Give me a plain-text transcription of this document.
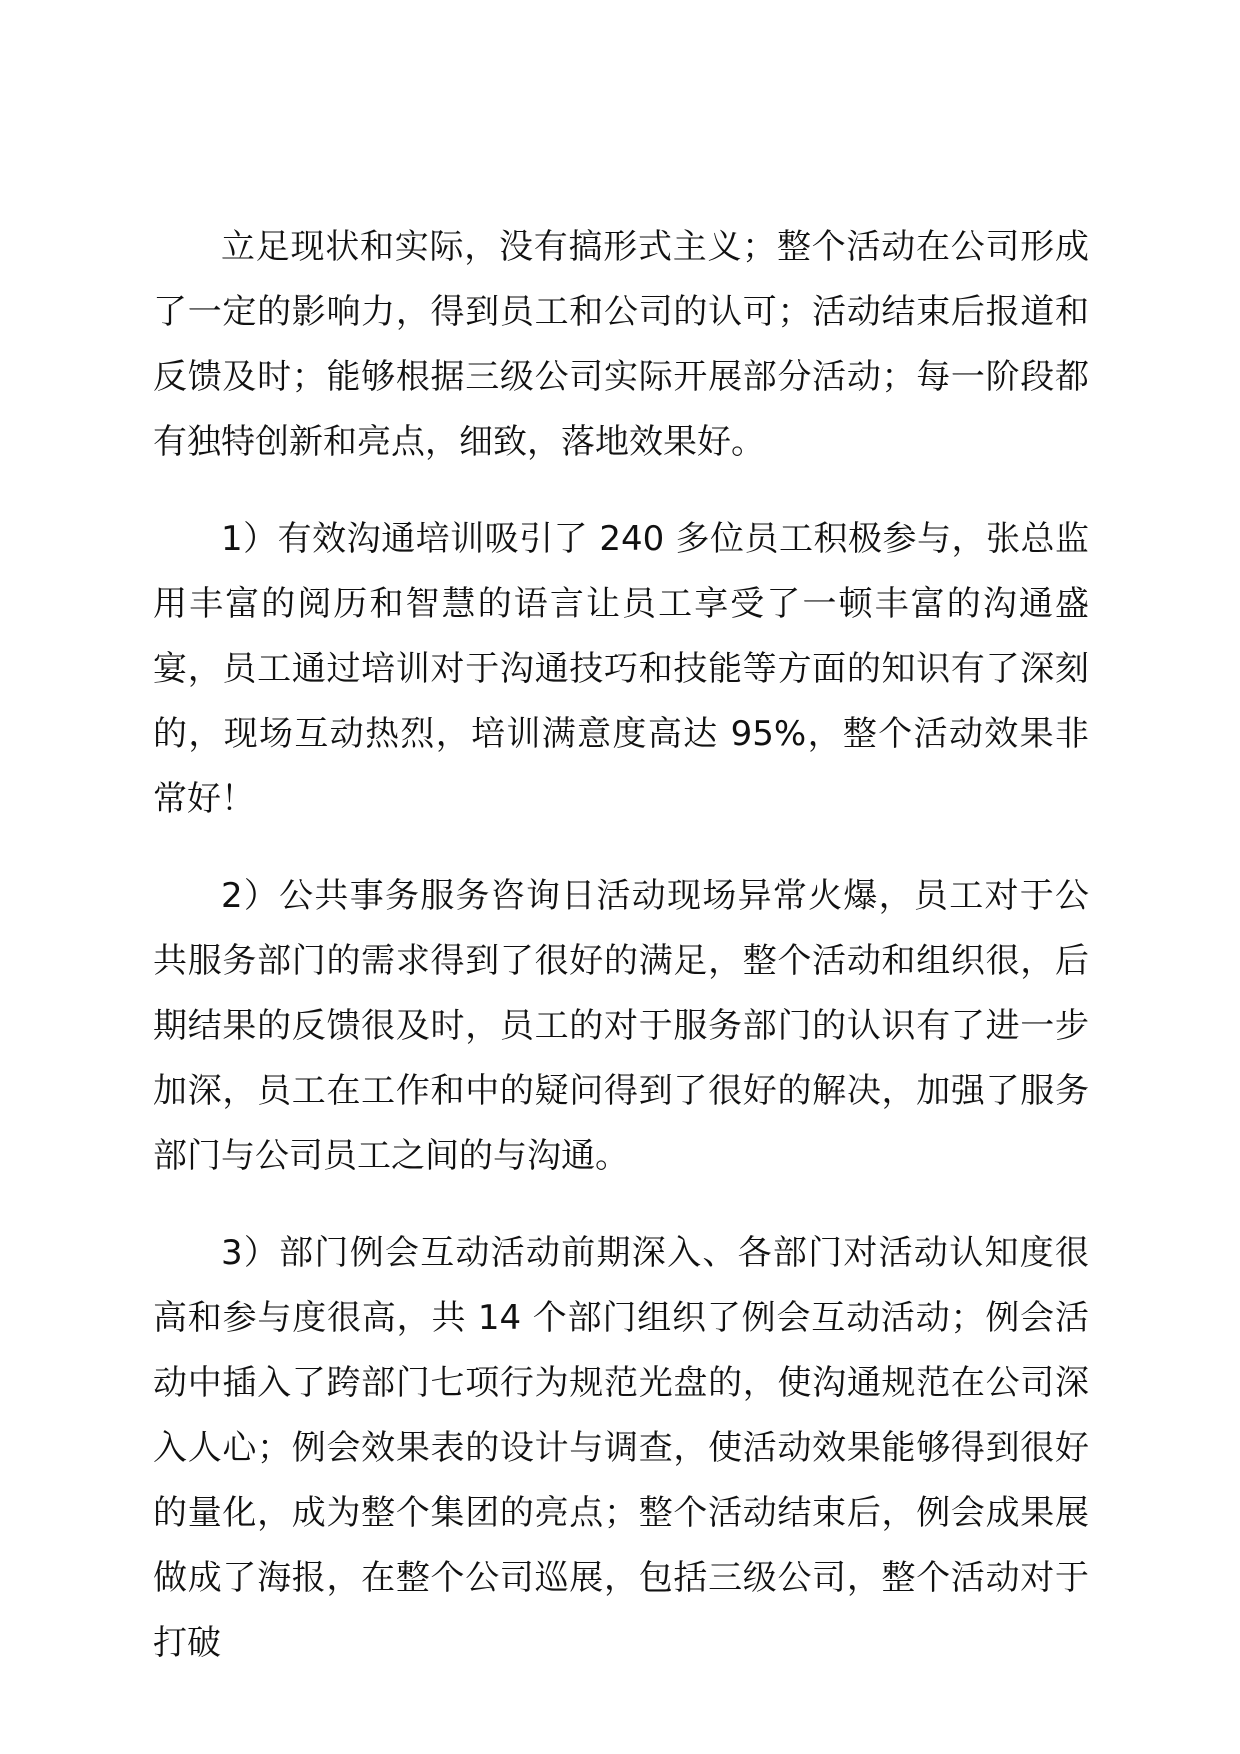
立足现状和实际，没有搞形式主义；整个活动在公司形成了一定的影响力，得到员工和公司的认可；活动结束后报道和反馈及时；能够根据三级公司实际开展部分活动；每一阶段都有独特创新和亮点，细致，落地效果好。

1）有效沟通培训吸引了 240 多位员工积极参与，张总监用丰富的阅历和智慧的语言让员工享受了一顿丰富的沟通盛宴，员工通过培训对于沟通技巧和技能等方面的知识有了深刻的，现场互动热烈，培训满意度高达 95%，整个活动效果非常好！

2）公共事务服务咨询日活动现场异常火爆，员工对于公共服务部门的需求得到了很好的满足，整个活动和组织很，后期结果的反馈很及时，员工的对于服务部门的认识有了进一步加深，员工在工作和中的疑问得到了很好的解决，加强了服务部门与公司员工之间的与沟通。

3）部门例会互动活动前期深入、各部门对活动认知度很高和参与度很高，共 14 个部门组织了例会互动活动；例会活动中插入了跨部门七项行为规范光盘的，使沟通规范在公司深入人心；例会效果表的设计与调查，使活动效果能够得到很好的量化，成为整个集团的亮点；整个活动结束后，例会成果展做成了海报，在整个公司巡展，包括三级公司，整个活动对于打破
